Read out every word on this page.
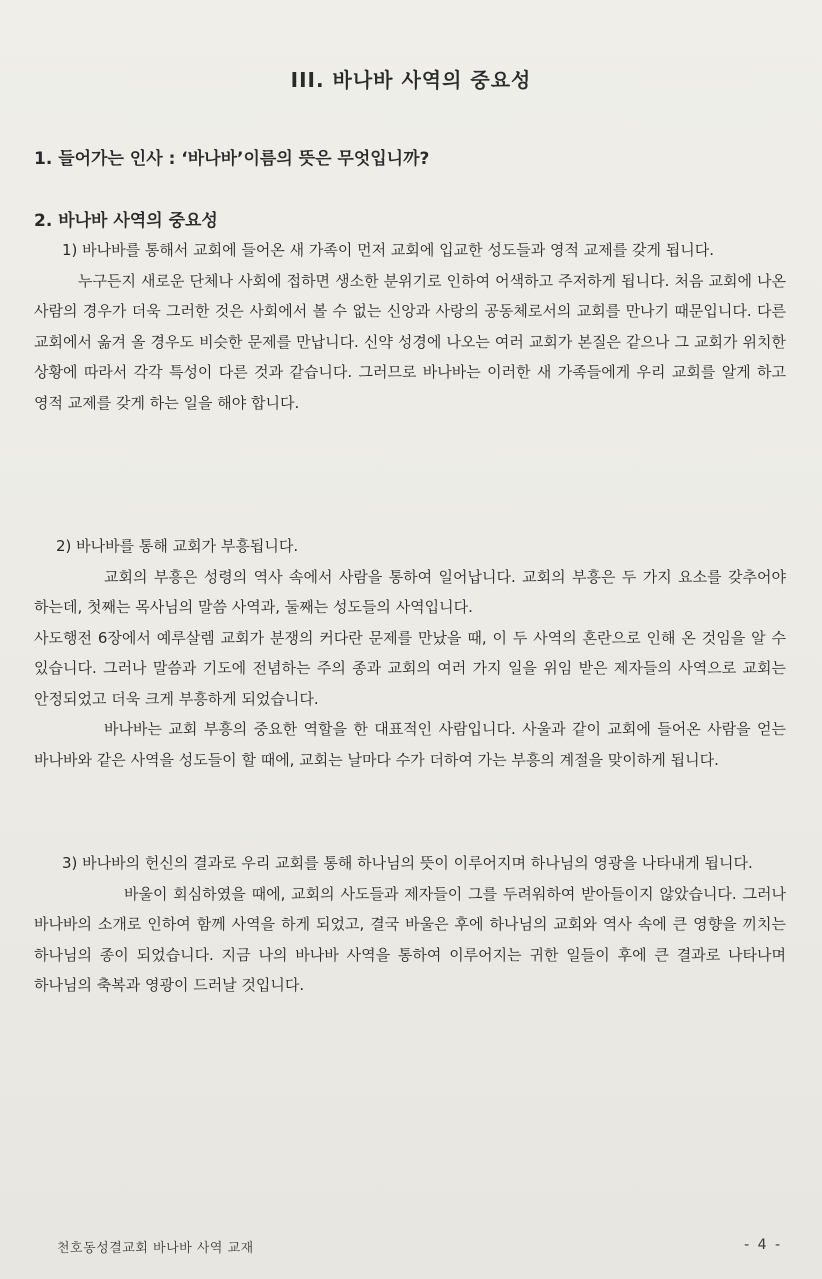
III. 바나바 사역의 중요성
1. 들어가는 인사 : ‘바나바’이름의 뜻은 무엇입니까?
2. 바나바 사역의 중요성

1) 바나바를 통해서 교회에 들어온 새 가족이 먼저 교회에 입교한 성도들과 영적 교제를 갖게 됩니다.

누구든지 새로운 단체나 사회에 접하면 생소한 분위기로 인하여 어색하고 주저하게 됩니다. 처음 교회에 나온 사람의 경우가 더욱 그러한 것은 사회에서 볼 수 없는 신앙과 사랑의 공동체로서의 교회를 만나기 때문입니다. 다른 교회에서 옮겨 올 경우도 비슷한 문제를 만납니다. 신약 성경에 나오는 여러 교회가 본질은 같으나 그 교회가 위치한 상황에 따라서 각각 특성이 다른 것과 같습니다. 그러므로 바나바는 이러한 새 가족들에게 우리 교회를 알게 하고 영적 교제를 갖게 하는 일을 해야 합니다.

2) 바나바를 통해 교회가 부흥됩니다.

교회의 부흥은 성령의 역사 속에서 사람을 통하여 일어납니다. 교회의 부흥은 두 가지 요소를 갖추어야 하는데, 첫째는 목사님의 말씀 사역과, 둘째는 성도들의 사역입니다.

사도행전 6장에서 예루살렘 교회가 분쟁의 커다란 문제를 만났을 때, 이 두 사역의 혼란으로 인해 온 것임을 알 수 있습니다. 그러나 말씀과 기도에 전념하는 주의 종과 교회의 여러 가지 일을 위임 받은 제자들의 사역으로 교회는 안정되었고 더욱 크게 부흥하게 되었습니다.

바나바는 교회 부흥의 중요한 역할을 한 대표적인 사람입니다. 사울과 같이 교회에 들어온 사람을 얻는 바나바와 같은 사역을 성도들이 할 때에, 교회는 날마다 수가 더하여 가는 부흥의 계절을 맞이하게 됩니다.

3) 바나바의 헌신의 결과로 우리 교회를 통해 하나님의 뜻이 이루어지며 하나님의 영광을 나타내게 됩니다.

바울이 회심하였을 때에, 교회의 사도들과 제자들이 그를 두려워하여 받아들이지 않았습니다. 그러나 바나바의 소개로 인하여 함께 사역을 하게 되었고, 결국 바울은 후에 하나님의 교회와 역사 속에 큰 영향을 끼치는 하나님의 종이 되었습니다. 지금 나의 바나바 사역을 통하여 이루어지는 귀한 일들이 후에 큰 결과로 나타나며 하나님의 축복과 영광이 드러날 것입니다.

천호동성결교회 바나바 사역 교재	- 4 -
